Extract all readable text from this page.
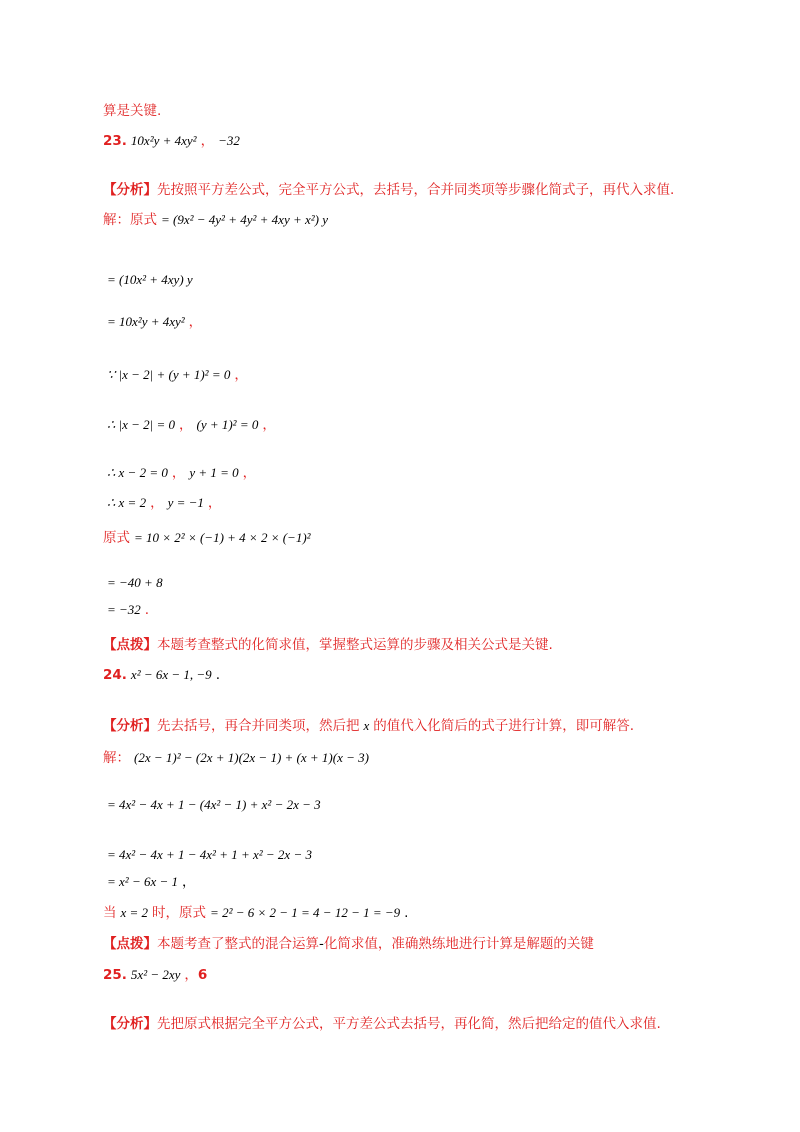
算是关键.
23. 10x²y + 4xy² ， −32
【分析】先按照平方差公式，完全平方公式，去括号，合并同类项等步骤化简式子，再代入求值.
解：原式 = (9x² − 4y² + 4y² + 4xy + x²) y
= (10x² + 4xy) y
= 10x²y + 4xy² ，
∵ |x − 2| + (y + 1)² = 0 ，
∴ |x − 2| = 0 ， (y + 1)² = 0 ，
∴ x − 2 = 0 ， y + 1 = 0 ，
∴ x = 2 ， y = −1 ，
原式 = 10 × 2² × (−1) + 4 × 2 × (−1)²
= −40 + 8
= −32 .
【点拨】本题考查整式的化简求值，掌握整式运算的步骤及相关公式是关键.
24. x² − 6x − 1, −9 .
【分析】先去括号，再合并同类项，然后把 x 的值代入化简后的式子进行计算，即可解答.
解： (2x − 1)² − (2x + 1)(2x − 1) + (x + 1)(x − 3)
= 4x² − 4x + 1 − (4x² − 1) + x² − 2x − 3
= 4x² − 4x + 1 − 4x² + 1 + x² − 2x − 3
= x² − 6x − 1 ，
当 x = 2 时，原式 = 2² − 6 × 2 − 1 = 4 − 12 − 1 = −9 .
【点拨】本题考查了整式的混合运算-化简求值，准确熟练地进行计算是解题的关键
25. 5x² − 2xy ，6
【分析】先把原式根据完全平方公式，平方差公式去括号，再化简，然后把给定的值代入求值.
